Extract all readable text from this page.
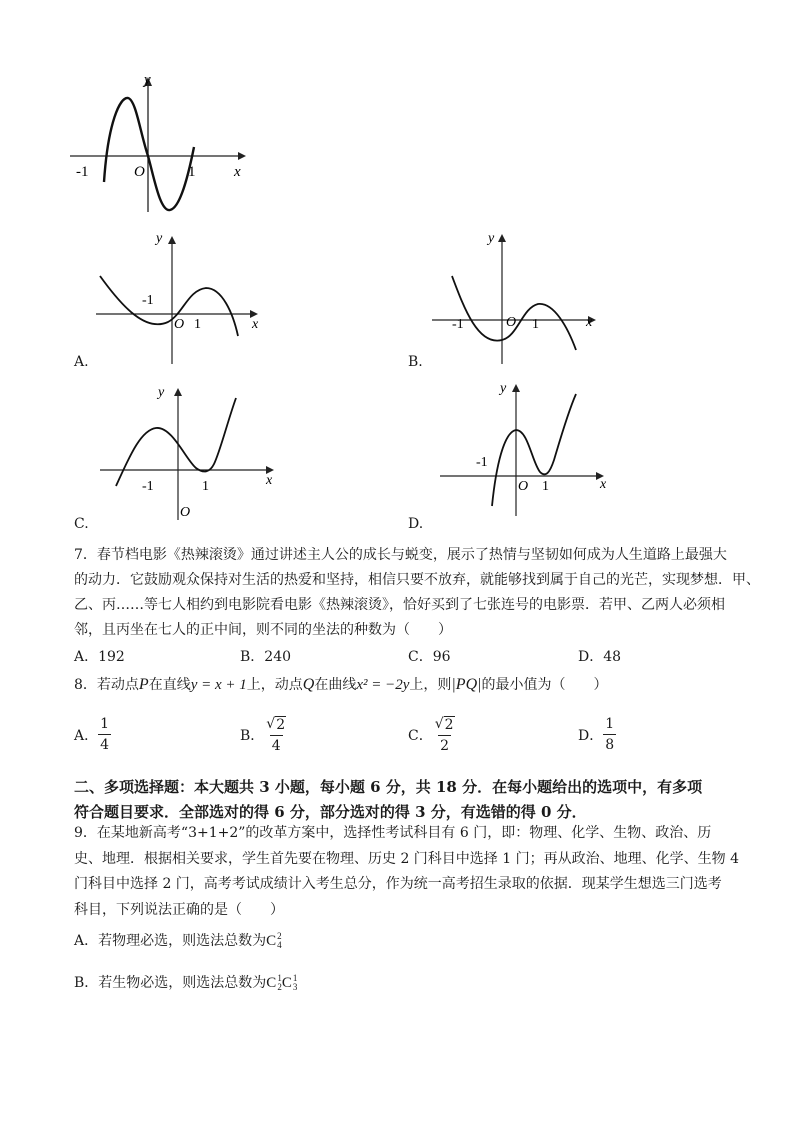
y
x
O
-1	1
y
x
O
-1
1
A.
y
x
O
-1	1
B.
y
x
O
-1	1
C.
y
x
O
-1
1
D.
7．春节档电影《热辣滚烫》通过讲述主人公的成长与蜕变，展示了热情与坚韧如何成为人生道路上最强大
的动力．它鼓励观众保持对生活的热爱和坚持，相信只要不放弃，就能够找到属于自己的光芒，实现梦想．甲、
乙、丙……等七人相约到电影院看电影《热辣滚烫》，恰好买到了七张连号的电影票．若甲、乙两人必须相
邻，且丙坐在七人的正中间，则不同的坐法的种数为（　　）
A．192	B．240	C．96	D．48
8．若动点P在直线y = x + 1上，动点Q在曲线x² = −2y上，则|PQ|的最小值为（　　）
A． $\frac{1}{4}$	B． $\frac{√ 2}{4}$	C． $\frac{√ 2}{2}$	D． $\frac{1}{8}$
二、多项选择题：本大题共 3 小题，每小题 6 分，共 18 分．在每小题给出的选项中，有多项
符合题目要求．全部选对的得 6 分，部分选对的得 3 分，有选错的得 0 分．
9．在某地新高考“3+1+2”的改革方案中，选择性考试科目有 6 门，即：物理、化学、生物、政治、历
史、地理．根据相关要求，学生首先要在物理、历史 2 门科目中选择 1 门；再从政治、地理、化学、生物 4
门科目中选择 2 门，高考考试成绩计入考生总分，作为统一高考招生录取的依据．现某学生想选三门选考
科目，下列说法正确的是（　　）
A．若物理必选，则选法总数为 C 2
4
B．若生物必选，则选法总数为 C 1
2 C 1
3
